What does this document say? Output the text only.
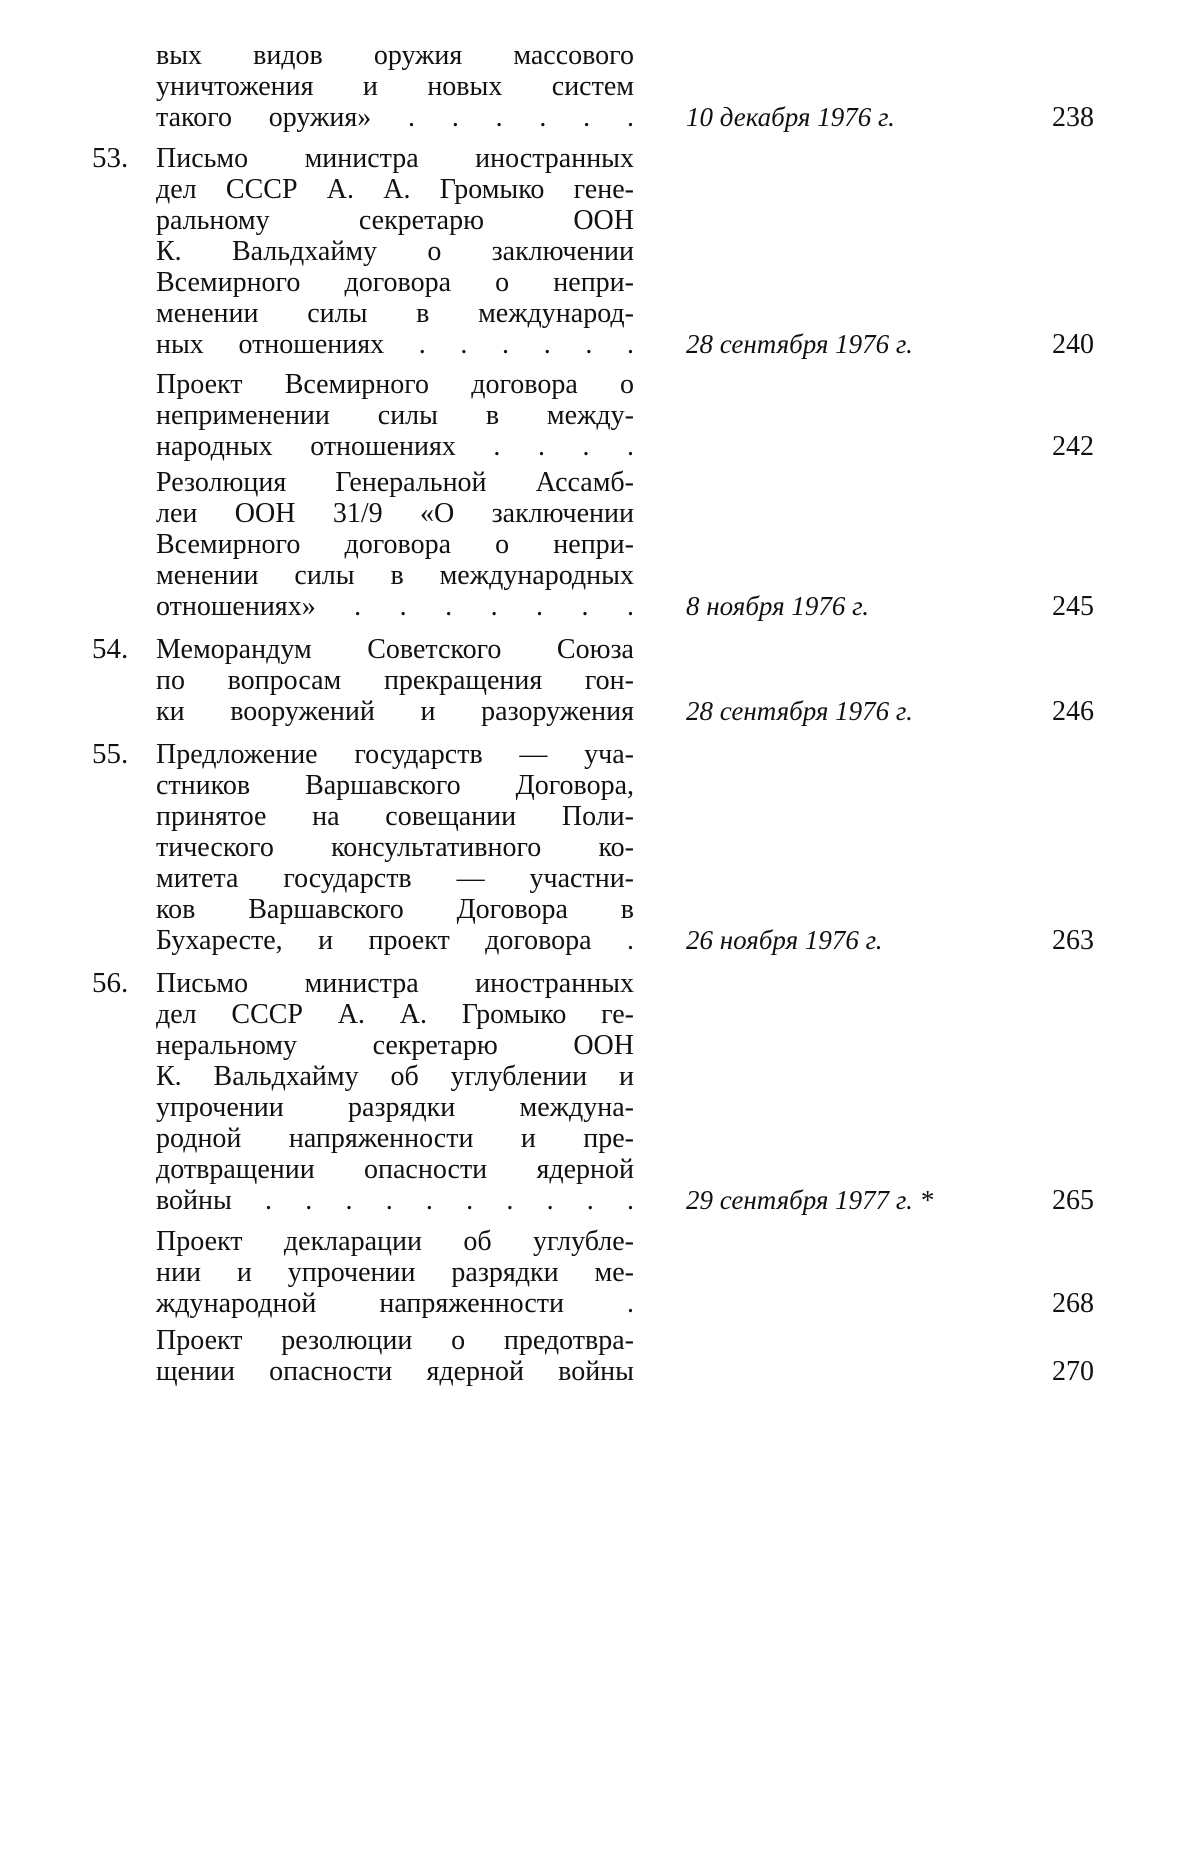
вых видов оружия массового
уничтожения и новых систем
такого оружия» . . . . . . 10 декабря 1976 г.	238
53. Письмо министра иностранных
дел СССР А. А. Громыко гене-
ральному	секретарю	ООН
К. Вальдхайму о заключении
Всемирного договора о непри-
менении силы в международ-
ных отношениях . . . . . . 28 сентября 1976 г.	240
Проект Всемирного договора о
неприменении силы в между-
народных отношениях . . . .	242
Резолюция Генеральной Ассамб-
леи ООН 31/9 «О заключении
Всемирного договора о непри-
менении силы в международных
отношениях» . . . . . . . 8 ноября 1976 г.	245
54. Меморандум Советского Союза
по вопросам прекращения гон-
ки вооружений и разоружения 28 сентября 1976 г.	246
55. Предложение государств — уча-
стников Варшавского Договора,
принятое на совещании Поли-
тического консультативного ко-
митета государств — участни-
ков Варшавского Договора в
Бухаресте, и проект договора . 26 ноября 1976 г.	263
56. Письмо министра иностранных
дел СССР А. А. Громыко ге-
неральному	секретарю	ООН
К. Вальдхайму об углублении и
упрочении разрядки междуна-
родной напряженности и пре-
дотвращении опасности ядерной
войны . . . . . . . . . . 29 сентября 1977 г. *	265
Проект декларации об углубле-
нии и упрочении разрядки ме-
ждународной напряженности .	268
Проект резолюции о предотвра-
щении опасности ядерной войны	270
